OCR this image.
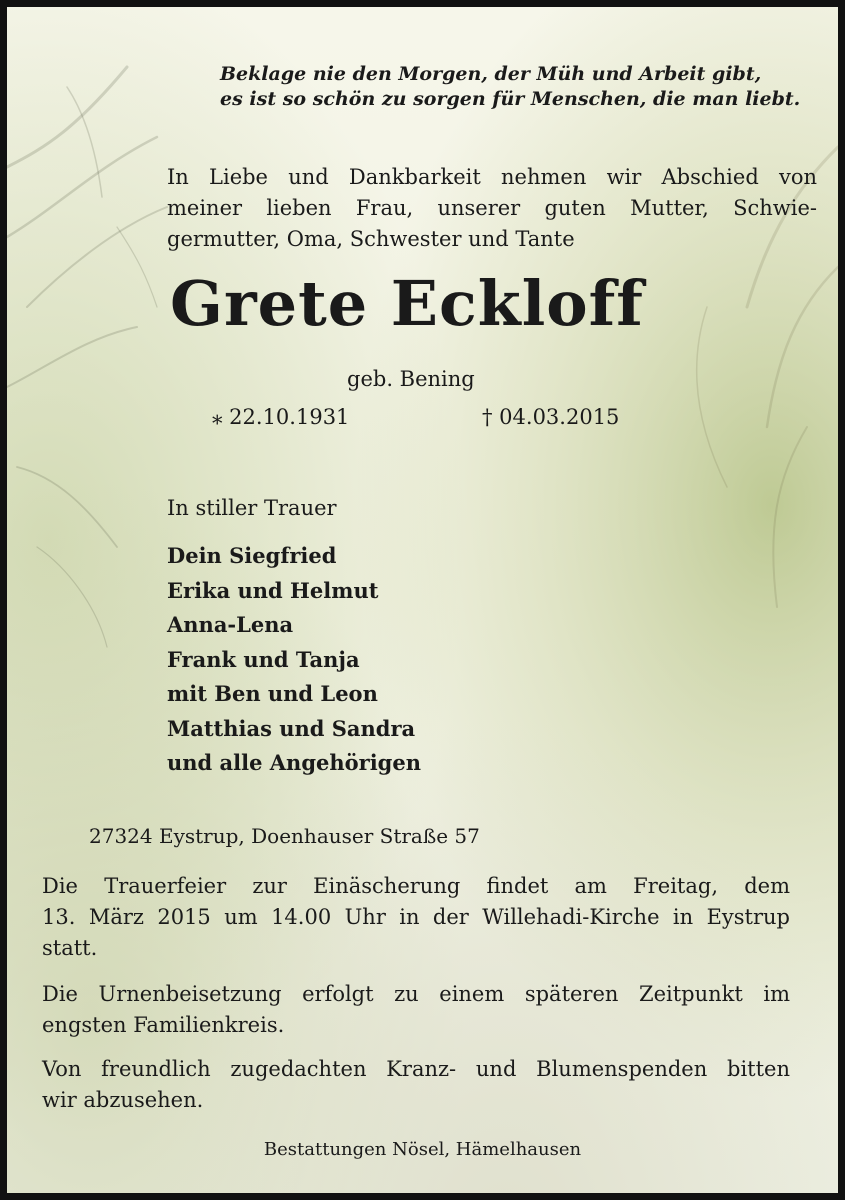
Beklage nie den Morgen, der Müh und Arbeit gibt,
es ist so schön zu sorgen für Menschen, die man liebt.

In Liebe und Dankbarkeit nehmen wir Abschied von
meiner lieben Frau, unserer guten Mutter, Schwie-
germutter, Oma, Schwester und Tante

Grete Eckloff

geb. Bening

⁎ 22.10.1931	† 04.03.2015

In stiller Trauer

Dein Siegfried
Erika und Helmut
Anna-Lena
Frank und Tanja
mit Ben und Leon
Matthias und Sandra
und alle Angehörigen

27324 Eystrup, Doenhauser Straße 57

Die Trauerfeier zur Einäscherung findet am Freitag, dem
13. März 2015 um 14.00 Uhr in der Willehadi-Kirche in Eystrup
statt.

Die Urnenbeisetzung erfolgt zu einem späteren Zeitpunkt im
engsten Familienkreis.

Von freundlich zugedachten Kranz- und Blumenspenden bitten
wir abzusehen.

Bestattungen Nösel, Hämelhausen
